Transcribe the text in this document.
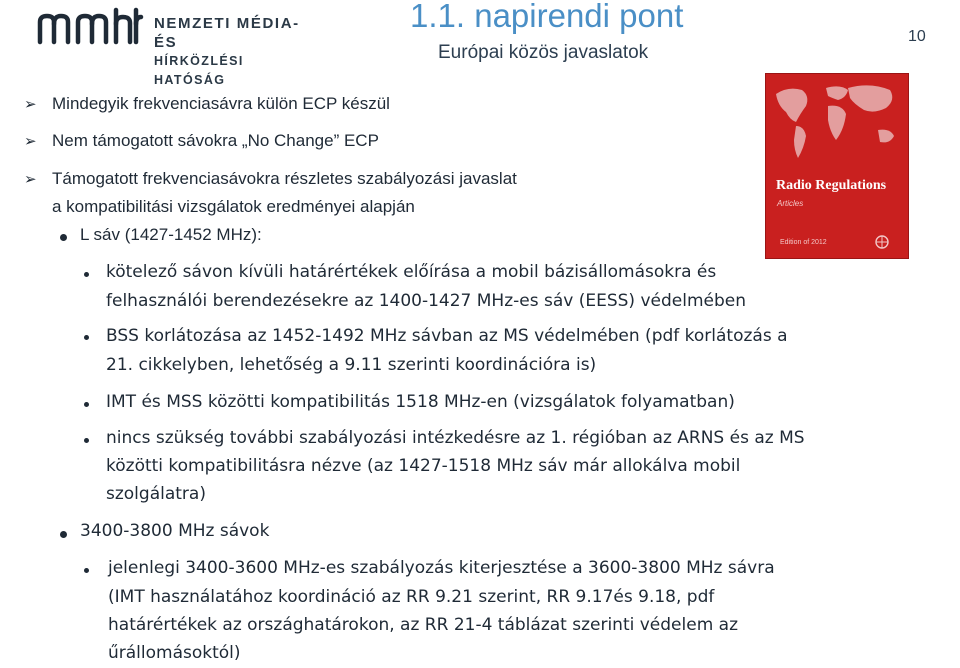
NEMZETI MÉDIA- ÉS
HÍRKÖZLÉSI HATÓSÁG
1.1. napirendi pont
Európai közös javaslatok
10
Radio Regulations
Articles
Edition of 2012
➢ Mindegyik frekvenciasávra külön ECP készül
➢ Nem támogatott sávokra „No Change” ECP
➢ Támogatott frekvenciasávokra részletes szabályozási javaslat
a kompatibilitási vizsgálatok eredményei alapján
L sáv (1427-1452 MHz):
kötelező sávon kívüli határértékek előírása a mobil bázisállomásokra és
felhasználói berendezésekre az 1400-1427 MHz-es sáv (EESS) védelmében
BSS korlátozása az 1452-1492 MHz sávban az MS védelmében (pdf korlátozás a
21. cikkelyben, lehetőség a 9.11 szerinti koordinációra is)
IMT és MSS közötti kompatibilitás 1518 MHz-en (vizsgálatok folyamatban)
nincs szükség további szabályozási intézkedésre az 1. régióban az ARNS és az MS
közötti kompatibilitásra nézve (az 1427-1518 MHz sáv már allokálva mobil
szolgálatra)
3400-3800 MHz sávok
jelenlegi 3400-3600 MHz-es szabályozás kiterjesztése a 3600-3800 MHz sávra
(IMT használatához koordináció az RR 9.21 szerint, RR 9.17és 9.18, pdf
határértékek az országhatárokon, az RR 21-4 táblázat szerinti védelem az
űrállomásoktól)
